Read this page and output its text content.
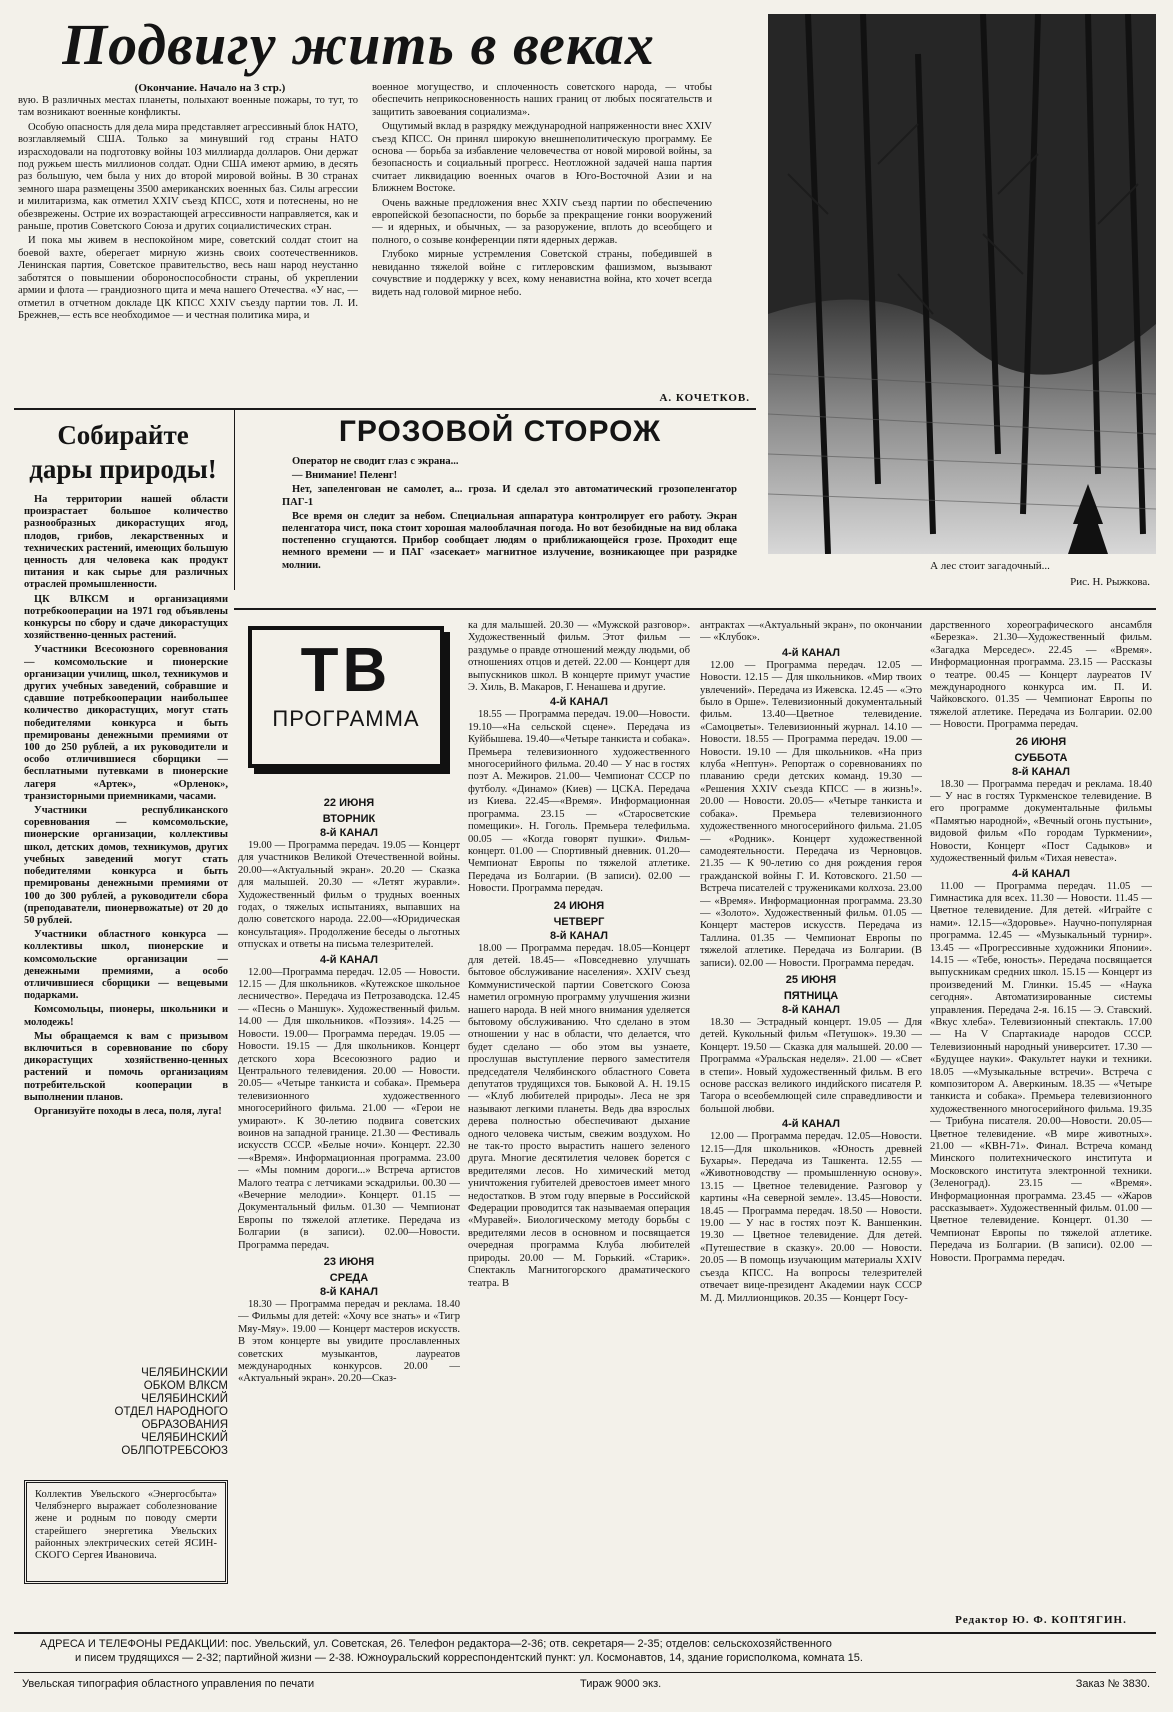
Подвигу жить в веках
(Окончание. Начало на 3 стр.)

вую. В различных местах планеты, полыхают военные пожары, то тут, то там возникают военные конфликты.

Особую опасность для дела мира представляет агрессивный блок НАТО, возглавляемый США. Только за минувший год страны НАТО израсходовали на подготовку войны 103 миллиарда долларов. Они держат под ружьем шесть миллионов солдат. Одни США имеют армию, в десять раз большую, чем была у них до второй мировой войны. В 30 странах земного шара размещены 3500 американских военных баз. Силы агрессии и милитаризма, как отметил XXIV съезд КПСС, хотя и потеснены, но не обезврежены. Острие их воэрастающей агрессивности направляется, как и раньше, против Советского Союза и других социалистических стран.

И пока мы живем в неспокойном мире, советский солдат стоит на боевой вахте, оберегает мирную жизнь своих соотечественников. Ленинская партия, Советское правительство, весь наш народ неустанно заботятся о повышении обороноспособности страны, об укреплении армии и флота — грандиозного щита и меча нашего Отечества. «У нас, — отметил в отчетном докладе ЦК КПСС XXIV съезду партии тов. Л. И. Брежнев,— есть все необходимое — и честная политика мира, и

военное могущество, и сплоченность советского народа, — чтобы обеспечить неприкосновенность наших границ от любых посягательств и защитить завоевания социализма».

Ощутимый вклад в разрядку международной напряженности внес XXIV съезд КПСС. Он принял широкую внешнеполитическую программу. Ее основа — борьба за избавление человечества от новой мировой войны, за безопасность и социальный прогресс. Неотложной задачей наша партия считает ликвидацию военных очагов в Юго-Восточной Азии и на Ближнем Востоке.

Очень важные предложения внес XXIV съезд партии по обеспечению европейской безопасности, по борьбе за прекращение гонки вооружений — и ядерных, и обычных, — за разоружение, вплоть до всеобщего и полного, о созыве конференции пяти ядерных держав.

Глубоко мирные устремления Советской страны, победившей в невиданно тяжелой войне с гитлеровским фашизмом, вызывают сочувствие и поддержку у всех, кому ненавистна война, кто хочет всегда видеть над головой мирное небо.

А. КОЧЕТКОВ.
А лес стоит загадочный...
Рис. Н. Рыжкова.
Собирайте
дары природы!

На территории нашей области произрастает большое количество разнообразных дикорастущих ягод, плодов, грибов, лекарственных и технических растений, имеющих большую ценность для человека как продукт питания и как сырье для различных отраслей промышленности.

ЦК ВЛКСМ и организациями потребкооперации на 1971 год объявлены конкурсы по сбору и сдаче дикорастущих хозяйственно-ценных растений.

Участники Всесоюзного соревнования — комсомольские и пионерские организации училищ, школ, техникумов и других учебных заведений, собравшие и сдавшие потребкооперации наибольшее количество дикорастущих, могут стать победителями конкурса и быть премированы денежными премиями от 100 до 250 рублей, а их руководители и особо отличившиеся сборщики — бесплатными путевками в пионерские лагеря «Артек», «Орленок», транзисторными приемниками, часами.

Участники республиканского соревнования — комсомольские, пионерские организации, коллективы школ, детских домов, техникумов, других учебных заведений могут стать победителями конкурса и быть премированы денежными премиями от 100 до 300 рублей, а руководители сбора (преподаватели, пионервожатые) от 20 до 50 рублей.

Участники областного конкурса — коллективы школ, пионерские и комсомольские организации — денежными премиями, а особо отличившиеся сборщики — вещевыми подарками.

Комсомольцы, пионеры, школьники и молодежь!

Мы обращаемся к вам с призывом включиться в соревнование по сбору дикорастущих хозяйственно-ценных растений и помочь организациям потребительской кооперации в выполнении планов.

Организуйте походы в леса, поля, луга!

ЧЕЛЯБИНСКИЙ
ОБКОМ ВЛКСМ
ЧЕЛЯБИНСКИЙ
ОТДЕЛ НАРОДНОГО
ОБРАЗОВАНИЯ
ЧЕЛЯБИНСКИЙ
ОБЛПОТРЕБСОЮЗ
Коллектив Увельского «Энергосбыта» Челябэнерго выражает соболезнование жене и родным по поводу смерти старейшего энергетика Увельских районных электрических сетей ЯСИН-СКОГО Сергея Ивановича.
ГРОЗОВОЙ СТОРОЖ

Оператор не сводит глаз с экрана...

— Внимание! Пеленг!

Нет, запеленгован не самолет, а... гроза. И сделал это автоматический грозопеленгатор ПАГ-1

Все время он следит за небом. Специальная аппаратура контролирует его работу. Экран пеленгатора чист, пока стоит хорошая малооблачная погода. Но вот безобидные на вид облака постепенно сгущаются. Прибор сообщает людям о приближающейся грозе. Проходит еще немного времени — и ПАГ «засекает» магнитное излучение, возникающее при разрядке молнии.

ТВ
ПРОГРАММА
22 ИЮНЯ
ВТОРНИК
8-й КАНАЛ
19.00 — Программа передач. 19.05 — Концерт для участников Великой Отечественной войны. 20.00—«Актуальный экран». 20.20 — Сказка для малышей. 20.30 — «Летят журавли». Художественный фильм о трудных военных годах, о тяжелых испытаниях, выпавших на долю советского народа. 22.00—«Юридическая консультация». Продолжение беседы о льготных отпусках и ответы на письма телезрителей.
4-й КАНАЛ
12.00—Программа передач. 12.05 — Новости. 12.15 — Для школьников. «Кутежское школьное лесничество». Передача из Петрозаводска. 12.45 — «Песнь о Маншук». Художественный фильм. 14.00 — Для школьников. «Поэзия». 14.25 — Новости. 19.00— Программа передач. 19.05 — Новости. 19.15 — Для школьников. Концерт детского хора Всесоюзного радио и Центрального телевидения. 20.00 — Новости. 20.05— «Четыре танкиста и собака». Премьера телевизионного художественного многосерийного фильма. 21.00 — «Герои не умирают». К 30-летию подвига советских воинов на западной границе. 21.30 — Фестиваль искусств СССР. «Белые ночи». Концерт. 22.30—«Время». Информационная программа. 23.00 — «Мы помним дороги...» Встреча артистов Малого театра с летчиками эскадрильи. 00.30 — «Вечерние мелодии». Концерт. 01.15 — Документальный фильм. 01.30 — Чемпионат Европы по тяжелой атлетике. Передача из Болгарии (в записи). 02.00—Новости. Программа передач.
23 ИЮНЯ
СРЕДА
8-й КАНАЛ
18.30 — Программа передач и реклама. 18.40 — Фильмы для детей: «Хочу все знать» и «Тигр Мяу-Мяу». 19.00 — Концерт мастеров искусств. В этом концерте вы увидите прославленных советских музыкантов, лауреатов международных конкурсов. 20.00 — «Актуальный экран». 20.20—Сказ-
ка для малышей. 20.30 — «Мужской разговор». Художественный фильм. Этот фильм — раздумье о правде отношений между людьми, об отношениях отцов и детей. 22.00 — Концерт для выпускников школ. В концерте примут участие Э. Хиль, В. Макаров, Г. Ненашева и другие.
4-й КАНАЛ
18.55 — Программа передач. 19.00—Новости. 19.10—«На сельской сцене». Передача из Куйбышева. 19.40—«Четыре танкиста и собака». Премьера телевизионного художественного многосерийного фильма. 20.40 — У нас в гостях поэт А. Межиров. 21.00— Чемпионат СССР по футболу. «Динамо» (Киев) — ЦСКА. Передача из Киева. 22.45—«Время». Информационная программа. 23.15 — «Старосветские помещики». Н. Гоголь. Премьера телефильма. 00.05 — «Когда говорят пушки». Фильм-концерт. 01.00 — Спортивный дневник. 01.20—Чемпионат Европы по тяжелой атлетике. Передача из Болгарии. (В записи). 02.00 — Новости. Программа передач.
24 ИЮНЯ
ЧЕТВЕРГ
8-й КАНАЛ
18.00 — Программа передач. 18.05—Концерт для детей. 18.45— «Повседневно улучшать бытовое обслуживание населения». XXIV съезд Коммунистической партии Советского Союза наметил огромную программу улучшения жизни нашего народа. В ней много внимания уделяется бытовому обслуживанию. Что сделано в этом отношении у нас в области, что делается, что будет сделано — обо этом вы узнаете, прослушав выступление первого заместителя председателя Челябинского областного Совета депутатов трудящихся тов. Быковой А. Н. 19.15— «Клуб любителей природы». Леса не зря называют легкими планеты. Ведь два взрослых дерева полностью обеспечивают дыхание одного человека чистым, свежим воздухом. Но не так-то просто вырастить нашего зеленого друга. Многие десятилетия человек борется с вредителями лесов. Но химический метод уничтожения губителей древостоев имеет много недостатков. В этом году впервые в Российской Федерации проводится так называемая операция «Муравей». Биологическому методу борьбы с вредителями лесов в основном и посвящается очередная программа Клуба любителей природы. 20.00 — М. Горький. «Старик». Спектакль Магнитогорского драматического театра. В
антрактах —«Актуальный экран», по окончании — «Клубок».
4-й КАНАЛ
12.00 — Программа передач. 12.05 — Новости. 12.15 — Для школьников. «Мир твоих увлечений». Передача из Ижевска. 12.45 — «Это было в Орше». Телевизионный документальный фильм. 13.40—Цветное телевидение. «Самоцветы». Телевизионный журнал. 14.10 — Новости. 18.55 — Программа передач. 19.00 — Новости. 19.10 — Для школьников. «На приз клуба «Нептун». Репортаж о соревнованиях по плаванию среди детских команд. 19.30 — «Решения XXIV съезда КПСС — в жизнь!». 20.00 — Новости. 20.05— «Четыре танкиста и собака». Премьера телевизионного художественного многосерийного фильма. 21.05 — «Родник». Концерт художественной самодеятельности. Передача из Черновцов. 21.35 — К 90-летию со дня рождения героя гражданской войны Г. И. Котовского. 21.50 — Встреча писателей с тружениками колхоза. 23.00 — «Время». Информационная программа. 23.30 — «Золото». Художественный фильм. 01.05 — Концерт мастеров искусств. Передача из Таллина. 01.35 — Чемпионат Европы по тяжелой атлетике. Передача из Болгарии. (В записи). 02.00 — Новости. Программа передач.
25 ИЮНЯ
ПЯТНИЦА
8-й КАНАЛ
18.30 — Эстрадный концерт. 19.05 — Для детей. Кукольный фильм «Петушок». 19.30 — Концерт. 19.50 — Сказка для малышей. 20.00 — Программа «Уральская неделя». 21.00 — «Свет в степи». Новый художественный фильм. В его основе рассказ великого индийского писателя Р. Тагора о всеобемлющей силе справедливости и большой любви.
4-й КАНАЛ
12.00 — Программа передач. 12.05—Новости. 12.15—Для школьников. «Юность древней Бухары». Передача из Ташкента. 12.55 — «Животноводству — промышленную основу». 13.15 — Цветное телевидение. Разговор у картины «На северной земле». 13.45—Новости. 18.45 — Программа передач. 18.50 — Новости. 19.00 — У нас в гостях поэт К. Ваншенкин. 19.30 — Цветное телевидение. Для детей. «Путешествие в сказку». 20.00 — Новости. 20.05 — В помощь изучающим материалы XXIV съезда КПСС. На вопросы телезрителей отвечает вице-президент Академии наук СССР М. Д. Миллионщиков. 20.35 — Концерт Госу-
дарственного хореографического ансамбля «Березка». 21.30—Художественный фильм. «Загадка Мерседес». 22.45 — «Время». Информационная программа. 23.15 — Рассказы о театре. 00.45 — Концерт лауреатов IV международного конкурса им. П. И. Чайковского. 01.35 — Чемпионат Европы по тяжелой атлетике. Передача из Болгарии. 02.00 — Новости. Программа передач.
26 ИЮНЯ
СУББОТА
8-й КАНАЛ
18.30 — Программа передач и реклама. 18.40 — У нас в гостях Туркменское телевидение. В его программе документальные фильмы «Памятью народной», «Вечный огонь пустыни», видовой фильм «По городам Туркмении», Новости, Концерт «Пост Садыков» и художественный фильм «Тихая невеста».
4-й КАНАЛ
11.00 — Программа передач. 11.05 — Гимнастика для всех. 11.30 — Новости. 11.45 — Цветное телевидение. Для детей. «Играйте с нами». 12.15—«Здоровье». Научно-популярная программа. 12.45 — «Музыкальный турнир». 13.45 — «Прогрессивные художники Японии». 14.15 — «Тебе, юность». Передача посвящается выпускникам средних школ. 15.15 — Концерт из произведений М. Глинки. 15.45 — «Наука сегодня». Автоматизированные системы управления. Передача 2-я. 16.15 — Э. Ставский. «Вкус хлеба». Телевизионный спектакль. 17.00 — На V Спартакиаде народов СССР. Телевизионный народный университет. 17.30 — «Будущее науки». Факультет науки и техники. 18.05 —«Музыкальные встречи». Встреча с композитором А. Аверкиным. 18.35 — «Четыре танкиста и собака». Премьера телевизионного художественного многосерийного фильма. 19.35 — Трибуна писателя. 20.00—Новости. 20.05—Цветное телевидение. «В мире животных». 21.00 — «КВН-71». Финал. Встреча команд Минского политехнического института и Московского института электронной техники. (Зеленоград). 23.15 — «Время». Информационная программа. 23.45 — «Жаров рассказывает». Художественный фильм. 01.00 — Цветное телевидение. Концерт. 01.30 — Чемпионат Европы по тяжелой атлетике. Передача из Болгарии. (В записи). 02.00 — Новости. Программа передач.
Редактор Ю. Ф. КОПТЯГИН.
АДРЕСА И ТЕЛЕФОНЫ РЕДАКЦИИ: пос. Увельский, ул. Советская, 26. Телефон редактора—2-36; отв. секретаря— 2-35; отделов: сельскохозяйственного
и писем трудящихся — 2-32; партийной жизни — 2-38. Южноуральский корреспондентский пункт: ул. Космонавтов, 14, здание горисполкома, комната 15.
Увельская типография областного управления по печати	Тираж 9000 экз.	Заказ № 3830.
